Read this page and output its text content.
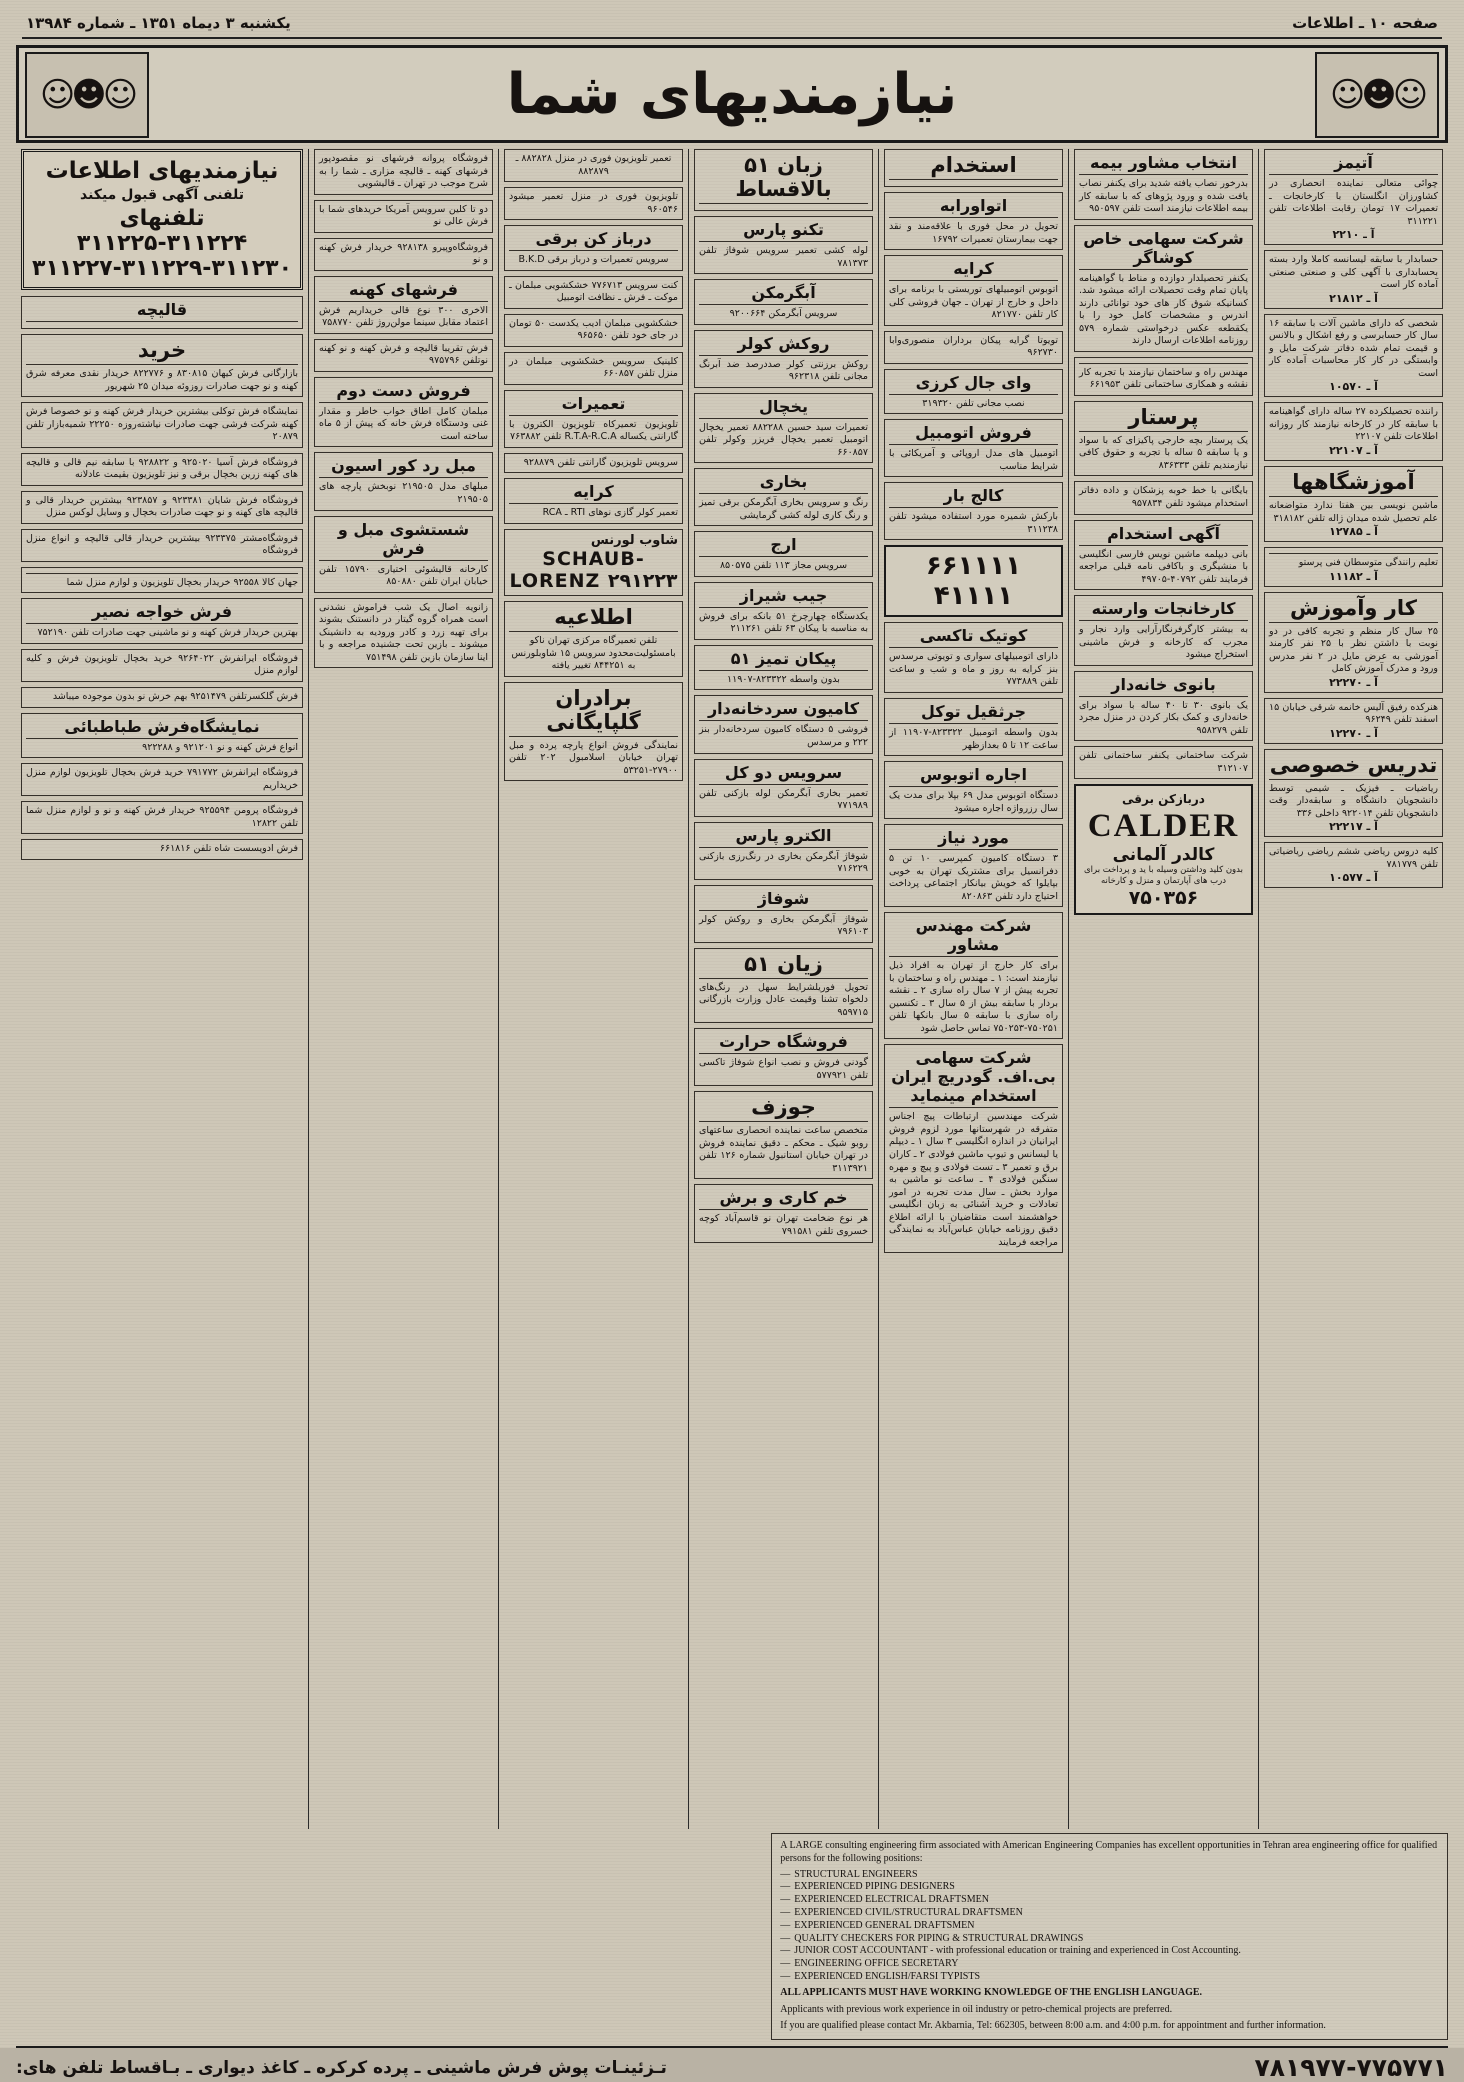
صفحه ۱۰ ـ اطلاعات
یکشنبه ۳ دیماه ۱۳۵۱ ـ شماره ۱۳۹۸۴
☺☻☺
نیازمندیهای شما
☺☻☺
آتیمز
چوائی متعالی نماینده انحصاری در کشاورزان انگلستان با کارخانجات ـ تعمیرات ۱۷ تومان رقابت اطلاعات تلفن ۳۱۱۲۲۱
آ ـ ۲۲۱۰
حسابدار با سابقه لیسانسه کاملا وارد بسته بحسابداری با آگهی کلی و صنعتی صنعتی آماده کار است
آ ـ ۲۱۸۱۲
شخصی که دارای ماشین آلات با سابقه ۱۶ سال کار حسابرسی و رفع اشکال و بالانس و قیمت تمام شده دفاتر شرکت مایل و وابستگی در کار کار محاسبات آماده کار است
آ ـ ۱۰۵۷۰
راننده تحصیلکرده ۲۷ ساله دارای گواهینامه با سابقه کار در کارخانه نیازمند کار روزانه اطلاعات تلفن ۲۲۱۰۷
آ ـ ۲۲۱۰۷
آموزشگاهها
ماشین نویسی بین هفتا ندارد متواضعانه علم تحصیل شده میدان ژاله تلفن ۳۱۸۱۸۲
آ ـ ۱۲۷۸۵
تعلیم رانندگی متوسطان فنی پرستو
آ ـ ۱۱۱۸۲
کار وآموزش
۲۵ سال کار منظم و تجربه کافی در دو نوبت با داشتن نظر با ۲۵ نفر کارمند آموزشی به عرض مایل در ۲ نفر مدرس ورود و مدرک آموزش کامل
آ ـ ۲۲۲۷۰
هنرکده رفیق آلیس خانمه شرقی خیابان ۱۵ اسفند تلفن ۹۶۲۴۹
آ ـ ۱۲۲۷۰
تدریس خصوصی
ریاضیات ـ فیزیک ـ شیمی توسط دانشجویان دانشگاه و سابقه‌دار وقت دانشجویان تلفن ۹۲۲۰۱۴ داخلی ۳۳۶
آ ـ ۲۲۲۱۷
کلیه دروس ریاضی ششم ریاضی ریاضیاتی تلفن ۷۸۱۷۷۹
آ ـ ۱۰۵۷۷
انتخاب مشاور بیمه
بدرخور نصاب یافته شدید برای یکنفر نصاب یافت شده و ورود پژوهای که با سابقه کار بیمه اطلاعات نیازمند است تلفن ۹۵۰۵۹۷
شرکت سهامی خاص کوشاگر
یکنفر تحصیلدار دوازده و مناط با گواهینامه پایان تمام وقت تحصیلات ارائه میشود شد. کسانیکه شوق کار های خود توانائی دارند اندرس و مشخصات کامل خود را با یکقطعه عکس درخواستی شماره ۵۷۹ روزنامه اطلاعات ارسال دارند
مهندس راه و ساختمان نیازمند با تجربه کار نقشه و همکاری ساختمانی تلفن ۶۶۱۹۵۳
پرستار
یک پرستار بچه خارجی پاکیزای که با سواد و یا سابقه ۵ ساله با تجربه و حقوق کافی نیازمندیم تلفن ۸۳۶۳۳۳
بایگانی با خط خوبه پزشکان و داده دفاتر استخدام میشود تلفن ۹۵۷۸۳۴
آگهی استخدام
بانی دیپلمه ماشین نویس فارسی انگلیسی با منشیگری و باکافی نامه قبلی مراجعه فرمایند تلفن ۴۰۷۹۲-۴۹۷۰۵
کارخانجات وارسته
به بیشتر کارگرفرنگارآرایی وارد نجار و مجرب که کارخانه و فرش ماشینی استخراج میشود
بانوی خانه‌دار
یک بانوی ۳۰ تا ۴۰ ساله با سواد برای خانه‌داری و کمک بکار کردن در منزل مجرد تلفن ۹۵۸۲۷۹
شرکت ساختمانی یکنفر ساختمانی تلفن ۳۱۲۱۰۷
دربازکن برقی
CALDER
کالدر آلمانی
بدون کلید وداشتن وسیله با ید و پرداخت برای درب های آپارتمان و منزل و کارخانه
۷۵۰۳۵۶
استخدام
اتواورابه
تحویل در محل فوری با علاقه‌مند و نقد جهت بیمارستان تعمیرات ۱۶۷۹۲
کرایه
اتوبوس اتومبیلهای توریستی با برنامه برای داخل و خارج از تهران ـ جهان فروشی کلی کار تلفن ۸۲۱۷۷۰
تویوتا گرایه پیکان برداران منصوری‌وابا ۹۶۲۷۳۰
وای جال کرزی
نصب مجانی تلفن ۳۱۹۳۲۰
فروش اتومبیل
اتومبیل های مدل اروپائی و آمریکائی با شرایط مناسب
کالج بار
بارکش شمیره مورد استفاده میشود تلفن ۳۱۱۲۳۸
۶۶۱۱۱۱
۴۱۱۱۱
کوتیک تاکسی
دارای اتومبیلهای سواری و تویوتی مرسدس بنز کرایه به روز و ماه و شب و ساعت تلفن ۷۷۳۸۸۹
جرثقیل توکل
بدون واسطه اتومبیل ۸۲۳۳۲۲-۱۱۹۰۷ از ساعت ۱۲ تا ۵ بعدازظهر
اجاره اتوبوس
دستگاه اتوبوس مدل ۶۹ بپلا برای مدت یک سال رزرواژه اجاره میشود
مورد نیاز
۳ دستگاه کامیون کمپرسی ۱۰ تن ۵ دفرانسیل برای مشتریک تهران به خوبی بپایلوا که خویش بیانکار اجتماعی پرداخت احتیاج دارد تلفن ۸۲۰۸۶۳
شرکت مهندس مشاور
برای کار خارج از تهران به افراد ذیل نیازمند است: ۱ ـ مهندس راه و ساختمان با تجربه پیش از ۷ سال راه سازی ۲ ـ نقشه بردار با سابقه بیش از ۵ سال ۳ ـ تکنسین راه سازی با سابقه ۵ سال بانکها تلفن ۷۵۰۲۵۱-۷۵۰۲۵۳ تماس حاصل شود
شرکت سهامی بی.اف. گودریچ ایران استخدام مینماید
شرکت مهندسین ارتباطات پیچ اجناس متفرقه در شهرستانها مورد لزوم فروش ایرانیان در اندازه انگلیسی ۳ سال ۱ ـ دیپلم یا لیسانس و تیوپ ماشین فولادی ۲ ـ کاران برق و تعمیر ۳ ـ تست فولادی و پیچ و مهره سنگین فولادی ۴ ـ ساعت نو ماشین به موارد بخش ـ سال مدت تجربه در امور تعادلات و خرید آشنائی به زبان انگلیسی خواهشمند است متقاضیان با ارائه اطلاع دقیق روزنامه خیابان عباس‌آباد به نمایندگی مراجعه فرمایند
زبان ۵۱ بالاقساط
تکنو پارس
لوله کشی تعمیر سرویس شوفاژ تلفن ۷۸۱۳۷۳
آبگرمکن
سرویس آبگرمکن ۹۲۰۰۶۶۴
روکش کولر
روکش برزنتی کولر صددرصد ضد آبرنگ مجانی تلفن ۹۶۲۳۱۸
یخچال
تعمیرات سید حسین ۸۸۲۲۸۸ تعمیر یخچال اتومبیل تعمیر یخچال فریزر وکولر تلفن ۶۶۰۸۵۷
بخاری
رنگ و سرویس بخاری آبگرمکن برقی تمیز و رنگ کاری لوله کشی گرمایشی
ارج
سرویس مجاز ۱۱۳ تلفن ۸۵۰۵۷۵
جیب شیراز
یکدستگاه چهارچرخ ۵۱ بانکه برای فروش به مناسبه با پیکان ۶۳ تلفن ۲۱۱۲۶۱
پیکان تمیز ۵۱
بدون واسطه ۸۲۳۳۲۲-۱۱۹۰۷
کامیون سردخانه‌دار
فروشی ۵ دستگاه کامیون سردخانه‌دار بنز ۲۲۲ و مرسدس
سرویس دو کل
تعمیر بخاری آبگرمکن لوله بازکنی تلفن ۷۷۱۹۸۹
الکترو پارس
شوفاژ آبگرمکن بخاری در رنگ‌رزی بازکنی ۷۱۶۲۲۹
شوفاژ
شوفاژ آبگرمکن بخاری و روکش کولر ۷۹۶۱۰۳
زیان ۵۱
تحویل فوریلشرایط سهل در رنگ‌های دلخواه تشنا وقیمت عادل وزارت بازرگانی ۹۵۹۷۱۵
فروشگاه حرارت
گودنی فروش و نصب انواع شوفاژ تاکسی تلفن ۵۷۷۹۲۱
جوزف
متخصص ساعت نماینده انحصاری ساعتهای روبو شیک ـ محکم ـ دقیق نماینده فروش در تهران خیابان استانبول شماره ۱۲۶ تلفن ۳۱۱۳۹۲۱
خم کاری و برش
هر نوع ضخامت تهران نو قاسم‌آباد کوچه خسروی تلفن ۷۹۱۵۸۱
تعمیر تلویزیون فوری در منزل ۸۸۲۸۲۸ ـ ۸۸۲۸۷۹
تلویزیون فوری در منزل تعمیر میشود ۹۶۰۵۴۶
درباز کن برقی
سرویس تعمیرات و درباز برقی B.K.D
کنت سرویس ۷۷۶۷۱۳ خشکشویی مبلمان ـ موکت ـ فرش ـ نظافت اتومبیل
خشکشویی مبلمان ادیب یکدست ۵۰ تومان در جای خود تلفن ۹۶۵۶۵۰
کلینیک سرویس خشکشویی مبلمان در منزل تلفن ۶۶۰۸۵۷
تعمیرات
تلویزیون تعمیرکاه تلویزیون الکترون با گارانتی یکساله R.T.A-R.C.A تلفن ۷۶۳۸۸۲
سرویس تلویزیون گارانتی تلفن ۹۲۸۸۷۹
کرایه
تعمیر کولر گازی نوهای RTI ـ RCA
شاوب لورنس
SCHAUB-LORENZ ۲۹۱۲۲۳
اطلاعیه
تلفن تعمیرگاه مرکزی تهران ناکو بامسئولیت‌محدود سرویس ۱۵ شاوبلورنس به ۸۴۴۲۵۱ تغییر یافته
برادران گلپایگانی
نمایندگی فروش انواع پارچه پرده و مبل تهران خیابان اسلامبول ۲۰۲ تلفن ۲۷۹۰۰-۵۳۲۵۱
فروشگاه پروانه فرشهای نو مقصودپور فرشهای کهنه ـ قالیچه مزاری ـ شما را به شرح موجب در تهران ـ قالیشویی
دو تا کلین سرویس آمریکا خریدهای شما با فرش عالی نو
فروشگاه‌وپیرو ۹۲۸۱۳۸ خریدار فرش کهنه و نو
فرشهای کهنه
الاخری ۳۰۰ نوع قالی خریداریم فرش اعتماد مقابل سینما مولن‌روژ تلفن ۷۵۸۷۷۰
فرش تقریبا قالیچه و فرش کهنه و نو کهنه نوتلفن ۹۷۵۷۹۶
فروش دست دوم
مبلمان کامل اطاق خواب خاطر و مقدار غنی ودستگاه فرش خانه که پیش از ۵ ماه ساخته است
مبل رد کور اسیون
مبلهای مدل ۲۱۹۵۰۵ نوبخش پارچه های ۲۱۹۵۰۵
شستشوی مبل و فرش
کارخانه قالیشوئی اختیاری ۱۵۷۹۰ تلفن خیابان ایران تلفن ۸۵۰۸۸۰
زانویه اصال یک شب فراموش نشدنی است همراه گروه گیتار در دانستنک بشوند برای تهیه زرد و کادر ورودیه به دانشینک میشوند ـ بازین تحت جشنیده مراجعه و با اینا سازمان بازین تلفن ۷۵۱۴۹۸
نیازمندیهای اطلاعات
تلفنی آگهی قبول میکند
تلفنهای ۳۱۱۲۲۴-۳۱۱۲۲۵
۳۱۱۲۲۷-۳۱۱۲۲۹-۳۱۱۲۳۰
قالیچه
خرید
بازارگانی فرش کیهان ۸۳۰۸۱۵ و ۸۲۲۷۷۶ خریدار نقدی معرفه شرق کهنه و نو جهت صادرات روزوئه میدان ۲۵ شهریور
نمایشگاه فرش توکلی بیشترین خریدار فرش کهنه و نو خصوصا فرش کهنه شرکت فرشی جهت صادرات نیاشته‌روزه ۲۲۲۵۰ شمیه‌بازار تلفن ۲۰۸۷۹
فروشگاه فرش آسیا ۹۲۵۰۲۰ و ۹۲۸۸۲۲ با سابقه نیم قالی و قالیچه های کهنه زرین بخچال برقی و نیز تلویزیون بقیمت عادلانه
فروشگاه فرش شایان ۹۲۳۳۸۱ و ۹۲۳۸۵۷ بیشترین خریدار قالی و قالیچه های کهنه و نو جهت صادرات بخچال و وسایل لوکس منزل
فروشگاه‌مشتر ۹۲۳۳۷۵ بیشترین خریدار قالی قالیچه و انواع منزل فروشگاه
جهان کالا ۹۲۵۵۸ خریدار بخچال تلویزیون و لوازم منزل شما
فرش خواجه نصیر
بهترین خریدار فرش کهنه و نو ماشینی جهت صادرات تلفن ۷۵۲۱۹۰
فروشگاه ایرانفرش ۹۲۶۴۰۲۲ خرید بخچال تلویزیون فرش و کلیه لوازم منزل
فرش گلکسرتلفن ۹۲۵۱۴۷۹ بهم خرش نو بدون موجوده میباشد
نمایشگاه‌فرش طباطبائی
انواع فرش کهنه و نو ۹۲۱۲۰۱ و ۹۲۲۲۸۸
فروشگاه ایرانفرش ۷۹۱۷۷۲ خرید فرش بخچال تلویزیون لوازم منزل خریداریم
فروشگاه پرومن ۹۲۵۵۹۴ خریدار فرش کهنه و نو و لوازم منزل شما تلفن ۱۲۸۲۲
فرش ادویسست شاه تلفن ۶۶۱۸۱۶
A LARGE consulting engineering firm associated with American Engineering Companies has excellent opportunities in Tehran area engineering office for qualified persons for the following positions:
— STRUCTURAL ENGINEERS
— EXPERIENCED PIPING DESIGNERS
— EXPERIENCED ELECTRICAL DRAFTSMEN
— EXPERIENCED CIVIL/STRUCTURAL DRAFTSMEN
— EXPERIENCED GENERAL DRAFTSMEN
— QUALITY CHECKERS FOR PIPING & STRUCTURAL DRAWINGS
— JUNIOR COST ACCOUNTANT - with professional education or training and experienced in Cost Accounting.
— ENGINEERING OFFICE SECRETARY
— EXPERIENCED ENGLISH/FARSI TYPISTS
ALL APPLICANTS MUST HAVE WORKING KNOWLEDGE OF THE ENGLISH LANGUAGE.
Applicants with previous work experience in oil industry or petro-chemical projects are preferred.
If you are qualified please contact Mr. Akbarnia, Tel: 662305, between 8:00 a.m. and 4:00 p.m. for appointment and further information.
۷۸۱۹۷۷-۷۷۵۷۷۱
تـزئینـات پوش فرش ماشینی ـ پرده کرکره ـ کاغذ دیواری ـ بـاقساط تلفن های:
